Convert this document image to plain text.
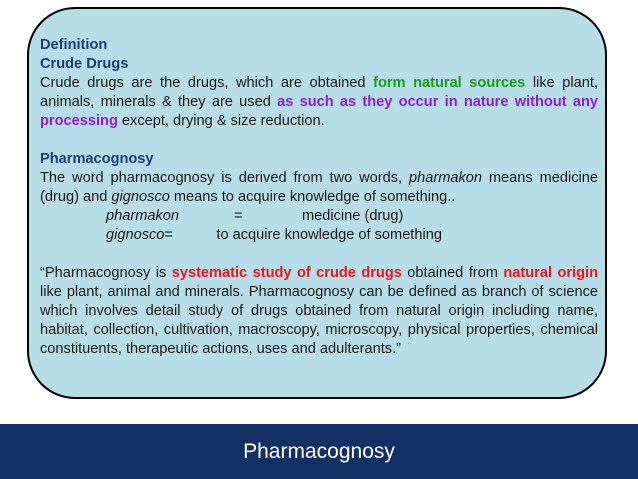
Definition
Crude Drugs

Crude drugs are the drugs, which are obtained form natural sources like plant, animals, minerals & they are used as such as they occur in nature without any processing except, drying & size reduction.

Pharmacognosy

The word pharmacognosy is derived from two words, pharmakon means medicine (drug) and gignosco means to acquire knowledge of something..

pharmakon	=	medicine (drug)
gignosco =	to acquire knowledge of something

“Pharmacognosy is systematic study of crude drugs obtained from natural origin like plant, animal and minerals. Pharmacognosy can be defined as branch of science which involves detail study of drugs obtained from natural origin including name, habitat, collection, cultivation, macroscopy, microscopy, physical properties, chemical constituents, therapeutic actions, uses and adulterants.”

Pharmacognosy
